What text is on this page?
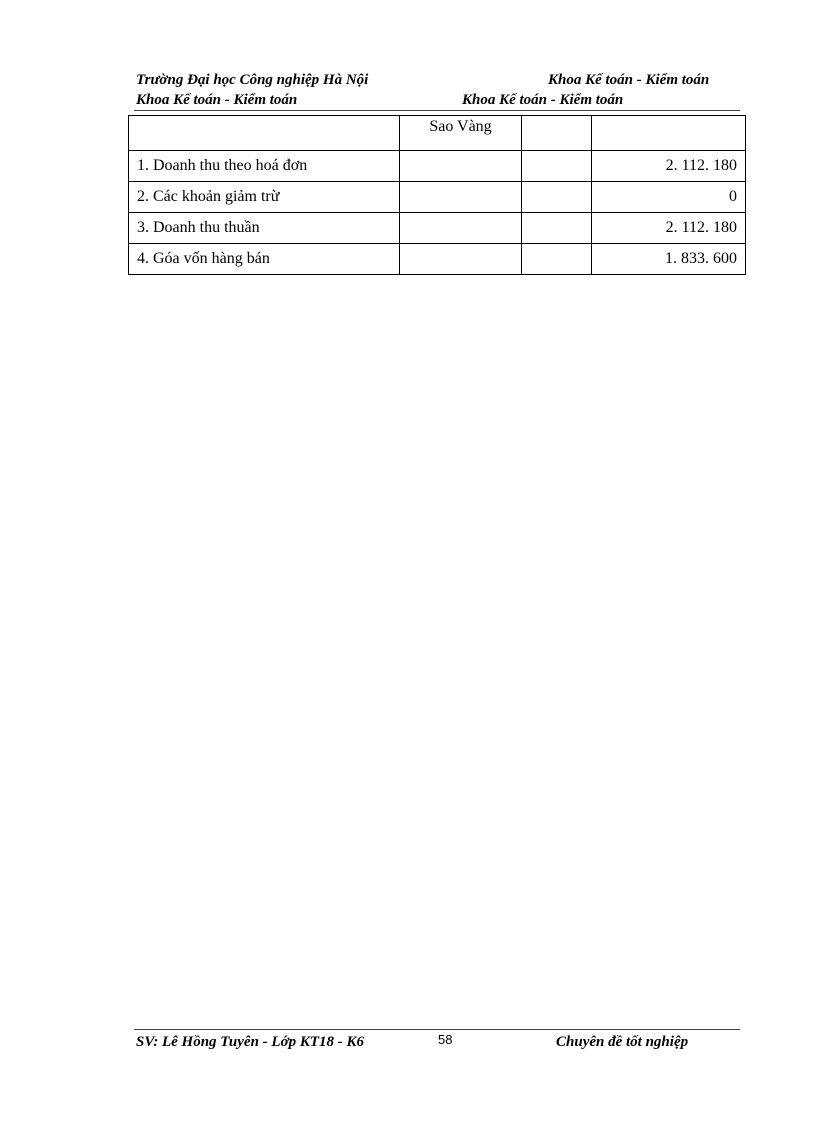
Trường Đại học Công nghiệp Hà Nội	Khoa Kế toán - Kiểm toán
Khoa Kế toán - Kiểm toán	Khoa Kế toán - Kiểm toán
	Sao Vàng		
1. Doanh thu theo hoá đơn			2. 112. 180
2. Các khoản giảm trừ			0
3. Doanh thu thuần			2. 112. 180
4. Góa vốn hàng bán			1. 833. 600
SV: Lê Hồng Tuyên - Lớp KT18 - K6	58	Chuyên đề tốt nghiệp
